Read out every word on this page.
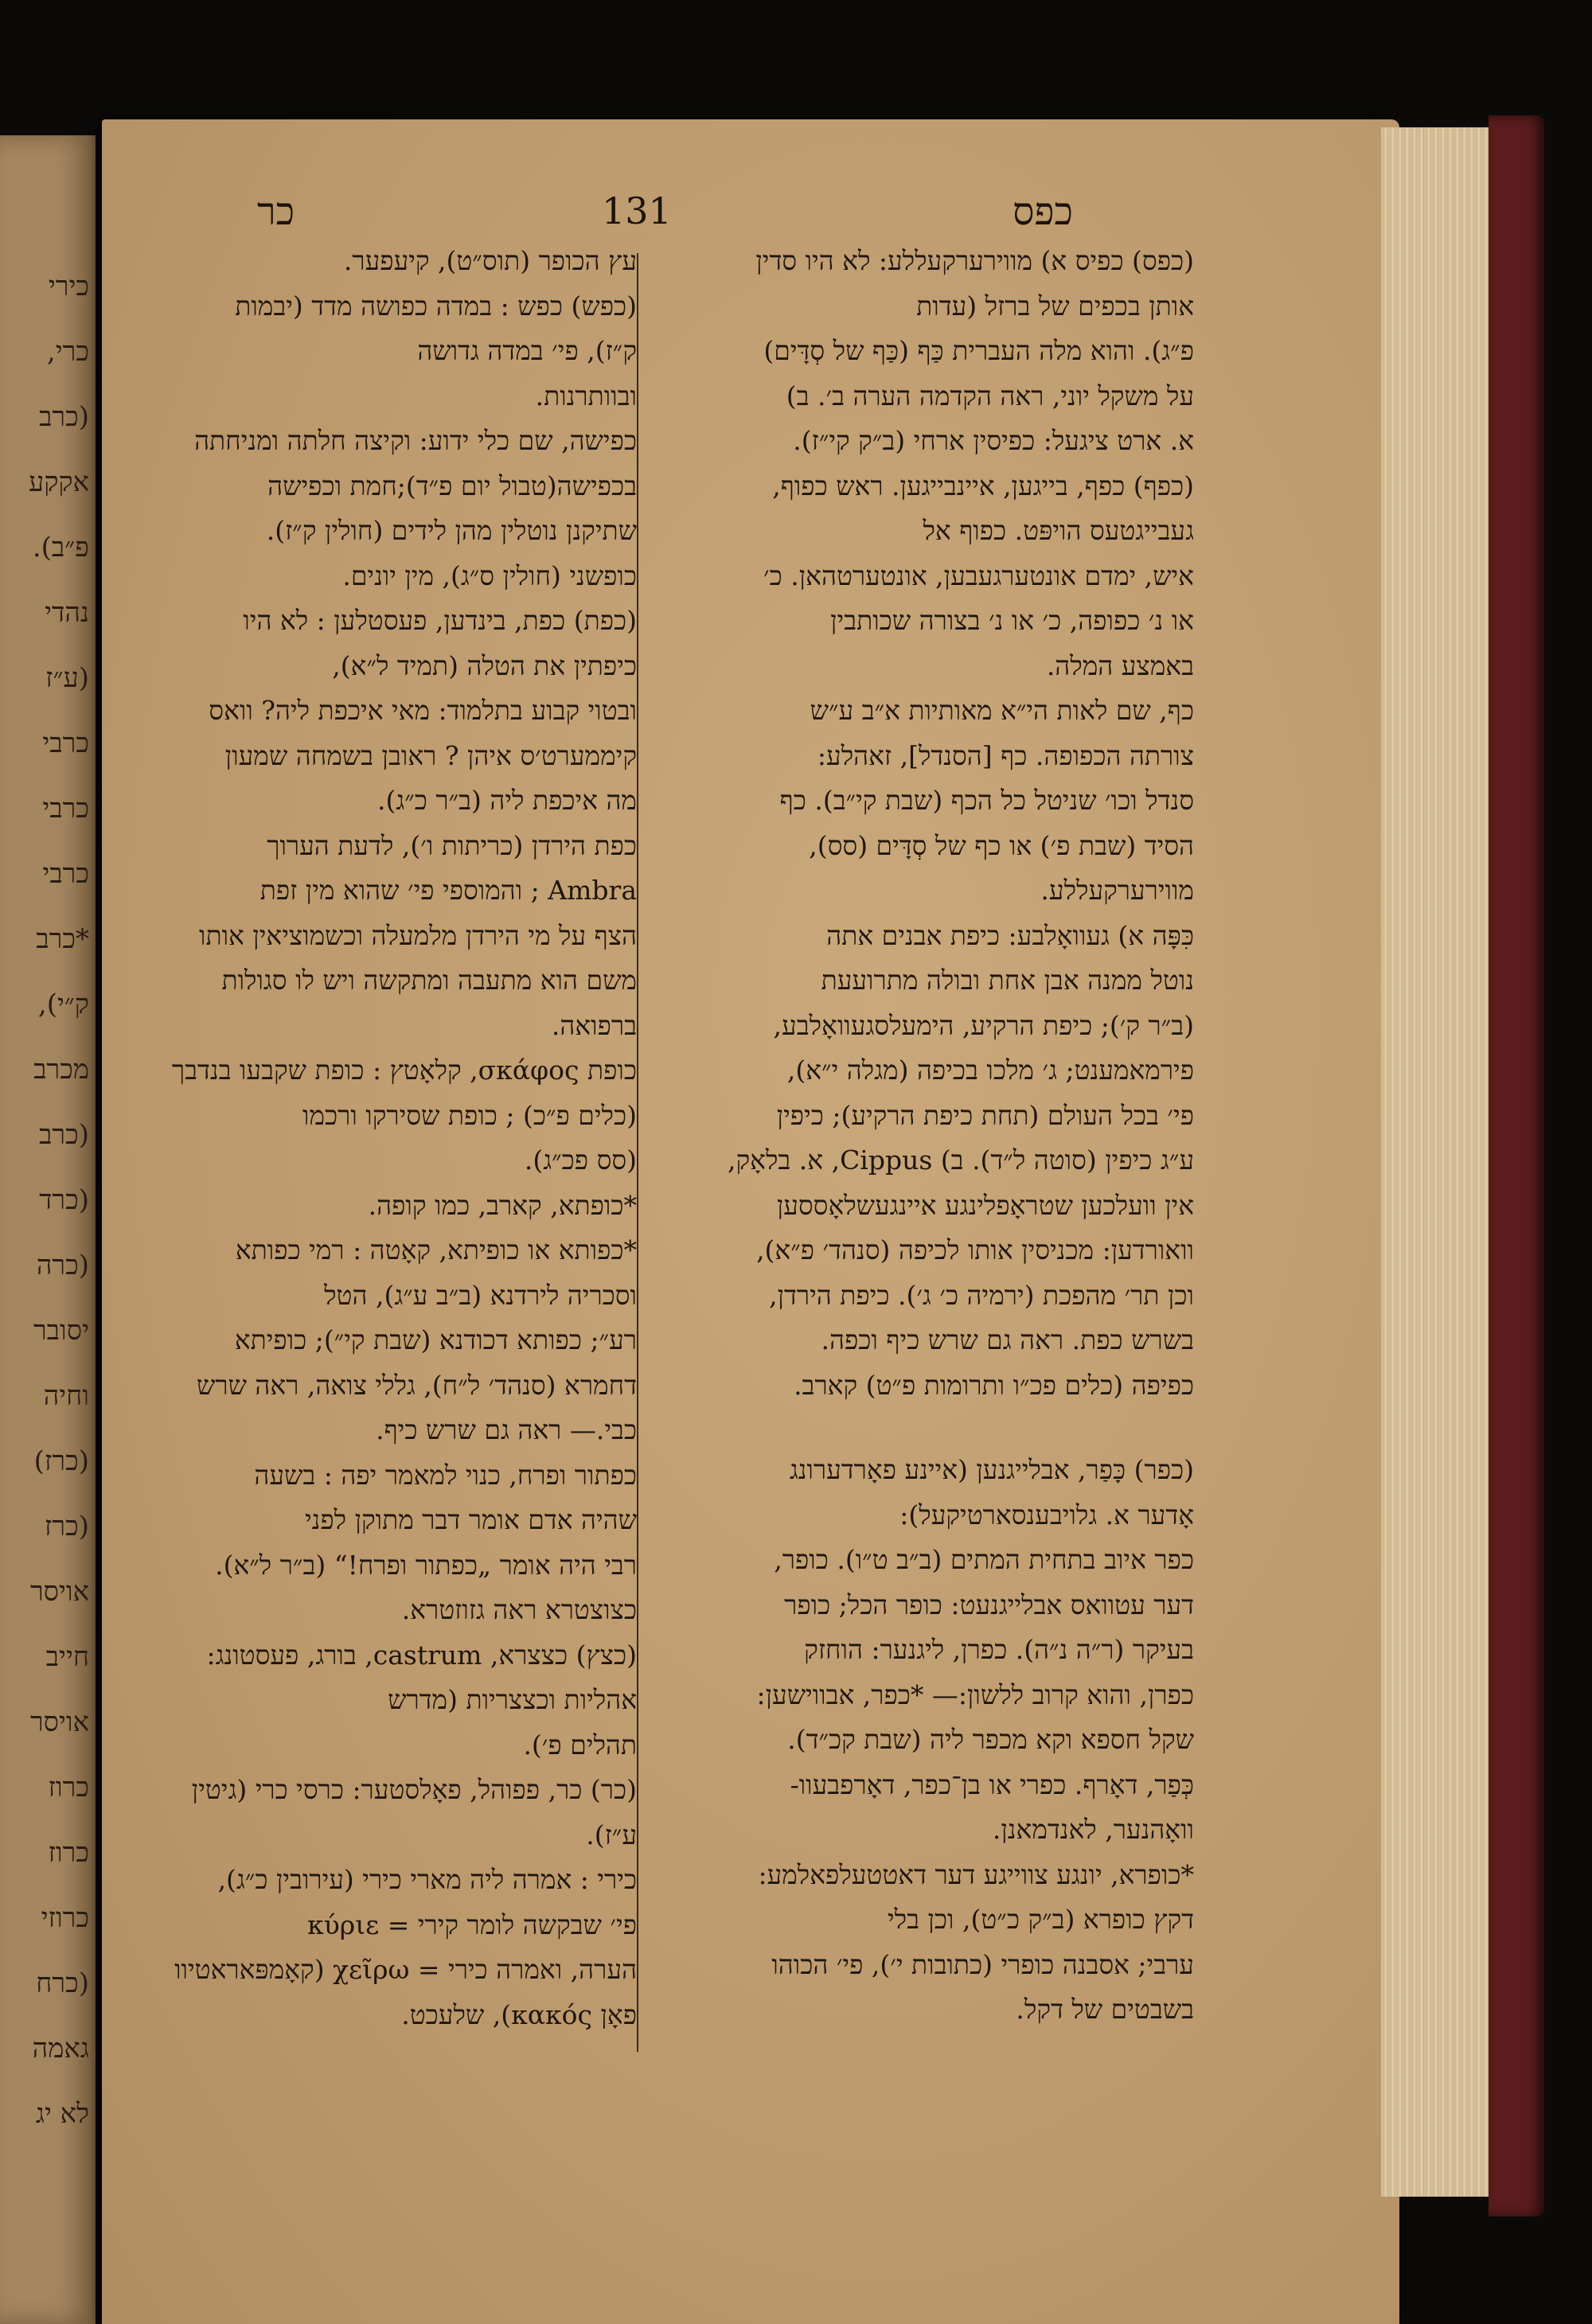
כירי
כרי,
(כרב
אקקע
פ״ב).
נהדי
(ע״ז
כרבי
כרבי
כרבי
*כרב
ק״י),
מכרב
(כרב
(כרד
(כרה
יסובר
וחיה
(כרז)
(כרז
אויסר
חייב
אויסר
כרוז
כרוז
כרוזי
(כרח
גאמה
לא יג
כפס
131
כר
(כפס) כפיס א) מווירערקעללע: לא היו סדין
אותן בכפים של ברזל (עדות
פ״ג). והוא מלה העברית כַּף (כַּף של סְדָּים)
על משקל יוני, ראה הקדמה הערה ב׳. ב)
א. ארט ציגעל: כפיסין ארחי (ב״ק קי״ז).
(כפף) כפף, בייגען, איינבייגען. ראש כפוף,
געבייגטעס הויפּט. כפוף אל
איש, ימדם אונטערגעבען, אונטערטהאן. כ׳
או נ׳ כפופה, כ׳ או נ׳ בצורה שכותבין
באמצע המלה.
כף, שם לאות הי״א מאותיות א״ב ע״ש
צורתה הכפופה. כף [הסנדל], זאהלע:
סנדל וכו׳ שניטל כל הכף (שבת קי״ב). כף
הסיד (שבת פ׳) או כף של סְדָּים (סס),
מווירערקעללע.
כִּפָּה א) געוואָלבע: כיפת אבנים אתה
נוטל ממנה אבן אחת ובולה מתרועעת
(ב״ר ק׳); כיפת הרקיע, הימעלסגעוואָלבע,
פירמאמענט; ג׳ מלכו בכיפה (מגלה י״א),
פי׳ בכל העולם (תחת כיפת הרקיע); כיפין
ע״ג כיפין (סוטה ל״ד). ב) Cippus, א. בלאָק,
אין וועלכען שטראָפלינגע איינגעשלאָססען
וואורדען: מכניסין אותו לכיפה (סנהד׳ פ״א),
וכן תר׳ מהפכת (ירמיה כ׳ ג׳). כיפת הירדן,
בשרש כפת. ראה גם שרש כיף וכפה.
כפיפה (כלים פכ״ו ותרומות פ״ט) קארב.
(כפר) כָּפַר, אבלייגנען (איינע פאָרדערונג
אָדער א. גלויבענסארטיקעל):
כפר איוב בתחית המתים (ב״ב ט״ו). כופר,
דער עטוואס אבלייגנעט: כופר הכל; כופר
בעיקר (ר״ה נ״ה). כפרן, ליגנער: הוחזק
כפרן, והוא קרוב ללשון:— *כפר, אבווישען:
שקל חספא וקא מכפר ליה (שבת קכ״ד).
כְּפַר, דאָרף. כפרי או בן־כפר, דאָרפבעוו-
וואָהנער, לאנדמאנן.
*כופרא, יונגע צווייגע דער דאטטעלפאלמע:
דקץ כופרא (ב״ק כ״ט), וכן בלי
ערבי; אסבנה כופרי (כתובות י׳), פי׳ הכוהו
בשבטים של דקל.
עץ הכופר (תוס״ט), קיעפער.
(כפש) כפש : במדה כפושה מדד (יבמות
ק״ז), פי׳ במדה גדושה
ובוותרנות.
כפישה, שם כלי ידוע: וקיצה חלתה ומניחתה
בכפישה(טבול יום פ״ד);חמת וכפישה
שתיקנן נוטלין מהן לידים (חולין ק״ז).
כופשני (חולין ס״ג), מין יונים.
(כפת) כפת, בינדען, פעסטלען : לא היו
כיפתין את הטלה (תמיד ל״א),
ובטוי קבוע בתלמוד: מאי איכפת ליה? וואס
קיממערט׳ס איהן ? ראובן בשמחה שמעון
מה איכפת ליה (ב״ר כ״ג).
כפת הירדן (כריתות ו׳), לדעת הערוך
Ambra ; והמוספי פי׳ שהוא מין זפת
הצף על מי הירדן מלמעלה וכשמוציאין אותו
משם הוא מתעבה ומתקשה ויש לו סגולות
ברפואה.
כופת σκάφος, קלאָטץ : כופת שקבעו בנדבך
(כלים פ״כ) ; כופת שסירקו ורכמו
(סס פכ״ג).
*כופתא, קארב, כמו קופה.
*כפותא או כופיתא, קאָטה : רמי כפותא
וסכריה לירדנא (ב״ב ע״ג), הטל
רע״; כפותא דכודנא (שבת קי״); כופיתא
דחמרא (סנהד׳ ל״ח), גללי צואה, ראה שרש
כבי.— ראה גם שרש כיף.
כפתור ופרח, כנוי למאמר יפה : בשעה
שהיה אדם אומר דבר מתוקן לפני
רבי היה אומר „כפתור ופרח!“ (ב״ר ל״א).
כצוצטרא ראה גזוזטרא.
(כצץ) כצצרא, castrum, בורג, פעסטונג:
אהליות וכצצריות (מדרש
תהלים פ׳).
(כר) כר, פפוהל, פאָלסטער: כרסי כרי (גיטין
ע״ז).
כירי : אמרה ליה מארי כירי (עירובין כ״ג),
פי׳ שבקשה לומר קירי = κύριε
הערה, ואמרה כירי = χεῖρω (קאָמפּאראטיוו
פאָן κακός), שלעכט.
